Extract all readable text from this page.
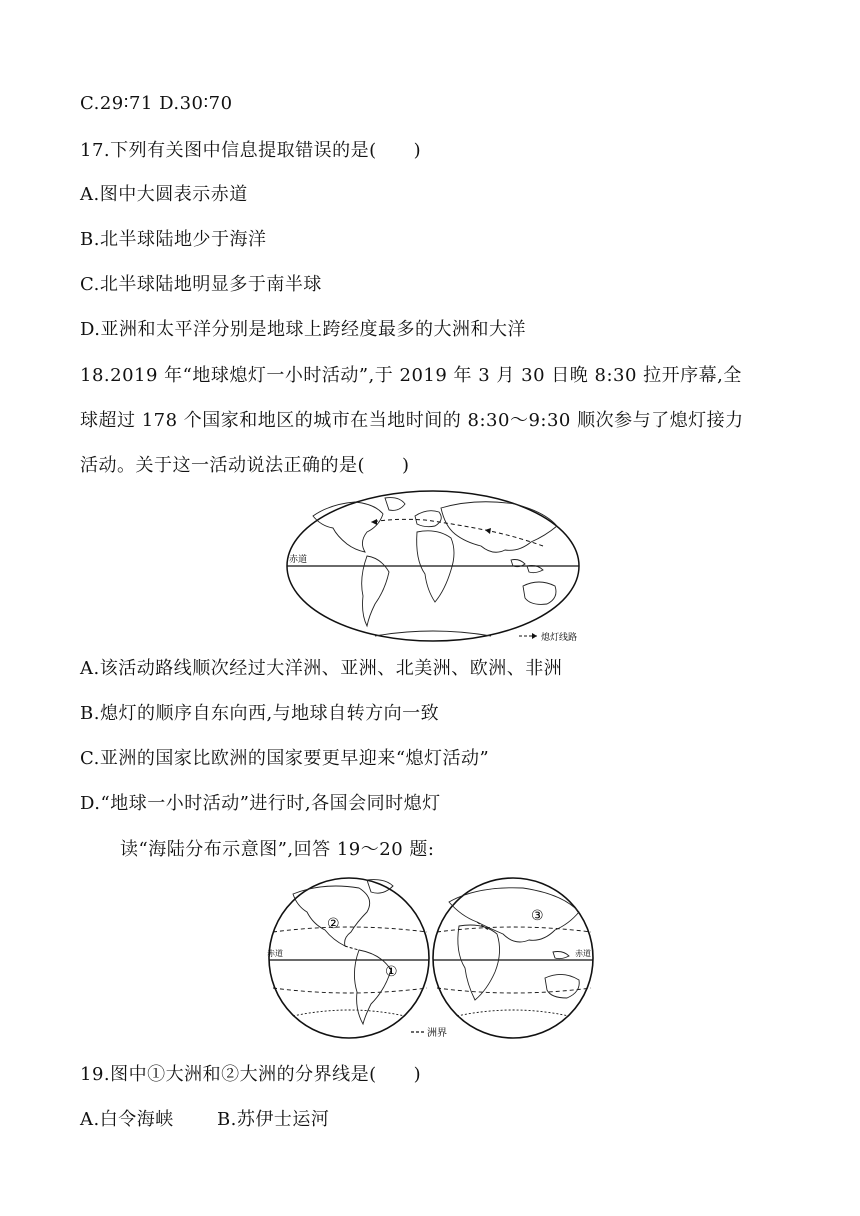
C.29∶71 D.30∶70
17.下列有关图中信息提取错误的是(　　)
A.图中大圆表示赤道
B.北半球陆地少于海洋
C.北半球陆地明显多于南半球
D.亚洲和太平洋分别是地球上跨经度最多的大洲和大洋
18.2019 年“地球熄灯一小时活动”,于 2019 年 3 月 30 日晚 8:30 拉开序幕,全
球超过 178 个国家和地区的城市在当地时间的 8:30～9:30 顺次参与了熄灯接力
活动。关于这一活动说法正确的是(　　)
赤道
熄灯线路
A.该活动路线顺次经过大洋洲、亚洲、北美洲、欧洲、非洲
B.熄灯的顺序自东向西,与地球自转方向一致
C.亚洲的国家比欧洲的国家要更早迎来“熄灯活动”
D.“地球一小时活动”进行时,各国会同时熄灯
读“海陆分布示意图”,回答 19～20 题:
①
②
赤道
③
赤道
洲界
19.图中①大洲和②大洲的分界线是(　　)
A.白令海峡　　 B.苏伊士运河
